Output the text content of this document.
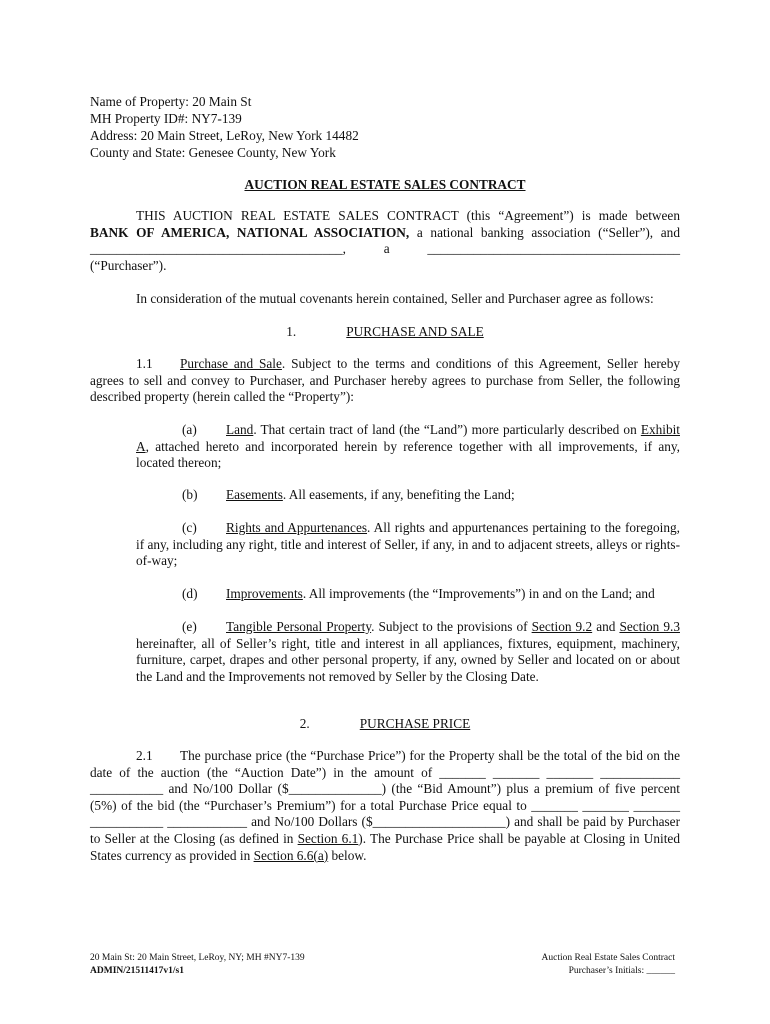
Name of Property: 20 Main St
MH Property ID#: NY7-139
Address: 20 Main Street, LeRoy, New York 14482
County and State: Genesee County, New York
AUCTION REAL ESTATE SALES CONTRACT
THIS AUCTION REAL ESTATE SALES CONTRACT (this “Agreement”) is made between
BANK OF AMERICA, NATIONAL ASSOCIATION, a national banking association (“Seller”), and
______________________________________, a ______________________________________
(“Purchaser”).
In consideration of the mutual covenants herein contained, Seller and Purchaser agree as follows:
1.	PURCHASE AND SALE
1.1 Purchase and Sale. Subject to the terms and conditions of this Agreement, Seller hereby agrees to sell and convey to Purchaser, and Purchaser hereby agrees to purchase from Seller, the following described property (herein called the “Property”):
(a) Land. That certain tract of land (the “Land”) more particularly described on Exhibit A, attached hereto and incorporated herein by reference together with all improvements, if any, located thereon;
(b) Easements. All easements, if any, benefiting the Land;
(c) Rights and Appurtenances. All rights and appurtenances pertaining to the foregoing, if any, including any right, title and interest of Seller, if any, in and to adjacent streets, alleys or rights-of-way;
(d) Improvements. All improvements (the “Improvements”) in and on the Land; and
(e) Tangible Personal Property. Subject to the provisions of Section 9.2 and Section 9.3 hereinafter, all of Seller’s right, title and interest in all appliances, fixtures, equipment, machinery, furniture, carpet, drapes and other personal property, if any, owned by Seller and located on or about the Land and the Improvements not removed by Seller by the Closing Date.
2.	PURCHASE PRICE
2.1 The purchase price (the “Purchase Price”) for the Property shall be the total of the bid on the date of the auction (the “Auction Date”) in the amount of _______ _______ _______ ____________ ___________ and No/100 Dollar ($______________) (the “Bid Amount”) plus a premium of five percent (5%) of the bid (the “Purchaser’s Premium”) for a total Purchase Price equal to _______ _______ _______ ___________ ____________ and No/100 Dollars ($____________________) and shall be paid by Purchaser to Seller at the Closing (as defined in Section 6.1). The Purchase Price shall be payable at Closing in United States currency as provided in Section 6.6(a) below.
20 Main St: 20 Main Street, LeRoy, NY; MH #NY7-139
ADMIN/21511417v1/s1
Auction Real Estate Sales Contract
Purchaser’s Initials: ______
